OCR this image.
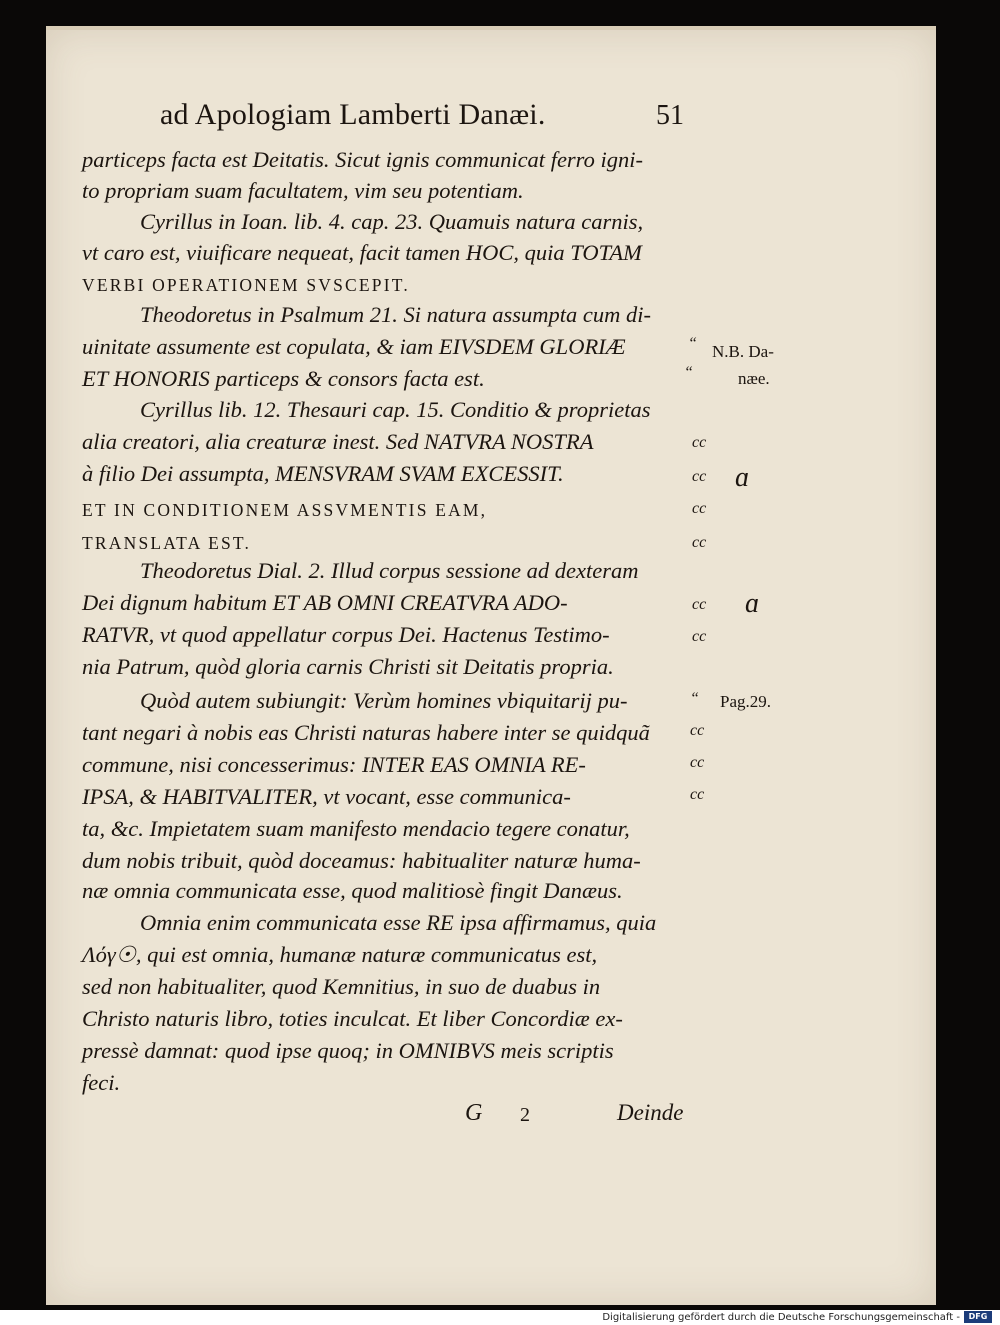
ad Apologiam Lamberti Danæi.	51
particeps facta est Deitatis. Sicut ignis communicat ferro igni-
to propriam suam facultatem, vim seu potentiam.
Cyrillus in Ioan. lib. 4. cap. 23. Quamuis natura carnis,
vt caro est, viuificare nequeat, facit tamen HOC, quia TOTAM
VERBI OPERATIONEM SVSCEPIT.
Theodoretus in Psalmum 21. Si natura assumpta cum di-
uinitate assumente est copulata, & iam EIVSDEM GLORIÆ
ET HONORIS particeps & consors facta est.
Cyrillus lib. 12. Thesauri cap. 15. Conditio & proprietas
alia creatori, alia creaturæ inest. Sed NATVRA NOSTRA
à filio Dei assumpta, MENSVRAM SVAM EXCESSIT.
ET IN CONDITIONEM ASSVMENTIS EAM,
TRANSLATA EST.
Theodoretus Dial. 2. Illud corpus sessione ad dexteram
Dei dignum habitum ET AB OMNI CREATVRA ADO-
RATVR, vt quod appellatur corpus Dei. Hactenus Testimo-
nia Patrum, quòd gloria carnis Christi sit Deitatis propria.
Quòd autem subiungit: Verùm homines vbiquitarij pu-
tant negari à nobis eas Christi naturas habere inter se quidquã
commune, nisi concesserimus: INTER EAS OMNIA RE-
IPSA, & HABITVALITER, vt vocant, esse communica-
ta, &c. Impietatem suam manifesto mendacio tegere conatur,
dum nobis tribuit, quòd doceamus: habitualiter naturæ huma-
næ omnia communicata esse, quod malitiosè fingit Danæus.
Omnia enim communicata esse RE ipsa affirmamus, quia
Λόγ☉, qui est omnia, humanæ naturæ communicatus est,
sed non habitualiter, quod Kemnitius, in suo de duabus in
Christo naturis libro, toties inculcat. Et liber Concordiæ ex-
pressè damnat: quod ipse quoq; in OMNIBVS meis scriptis
feci.
“
“
cc
cc
cc
cc
cc
cc
“
cc
cc
cc
N.B. Da-
næe.
Pag.29.
ɑ
ɑ
G 2	Deinde
Digitalisierung gefördert durch die Deutsche Forschungsgemeinschaft -	DFG
